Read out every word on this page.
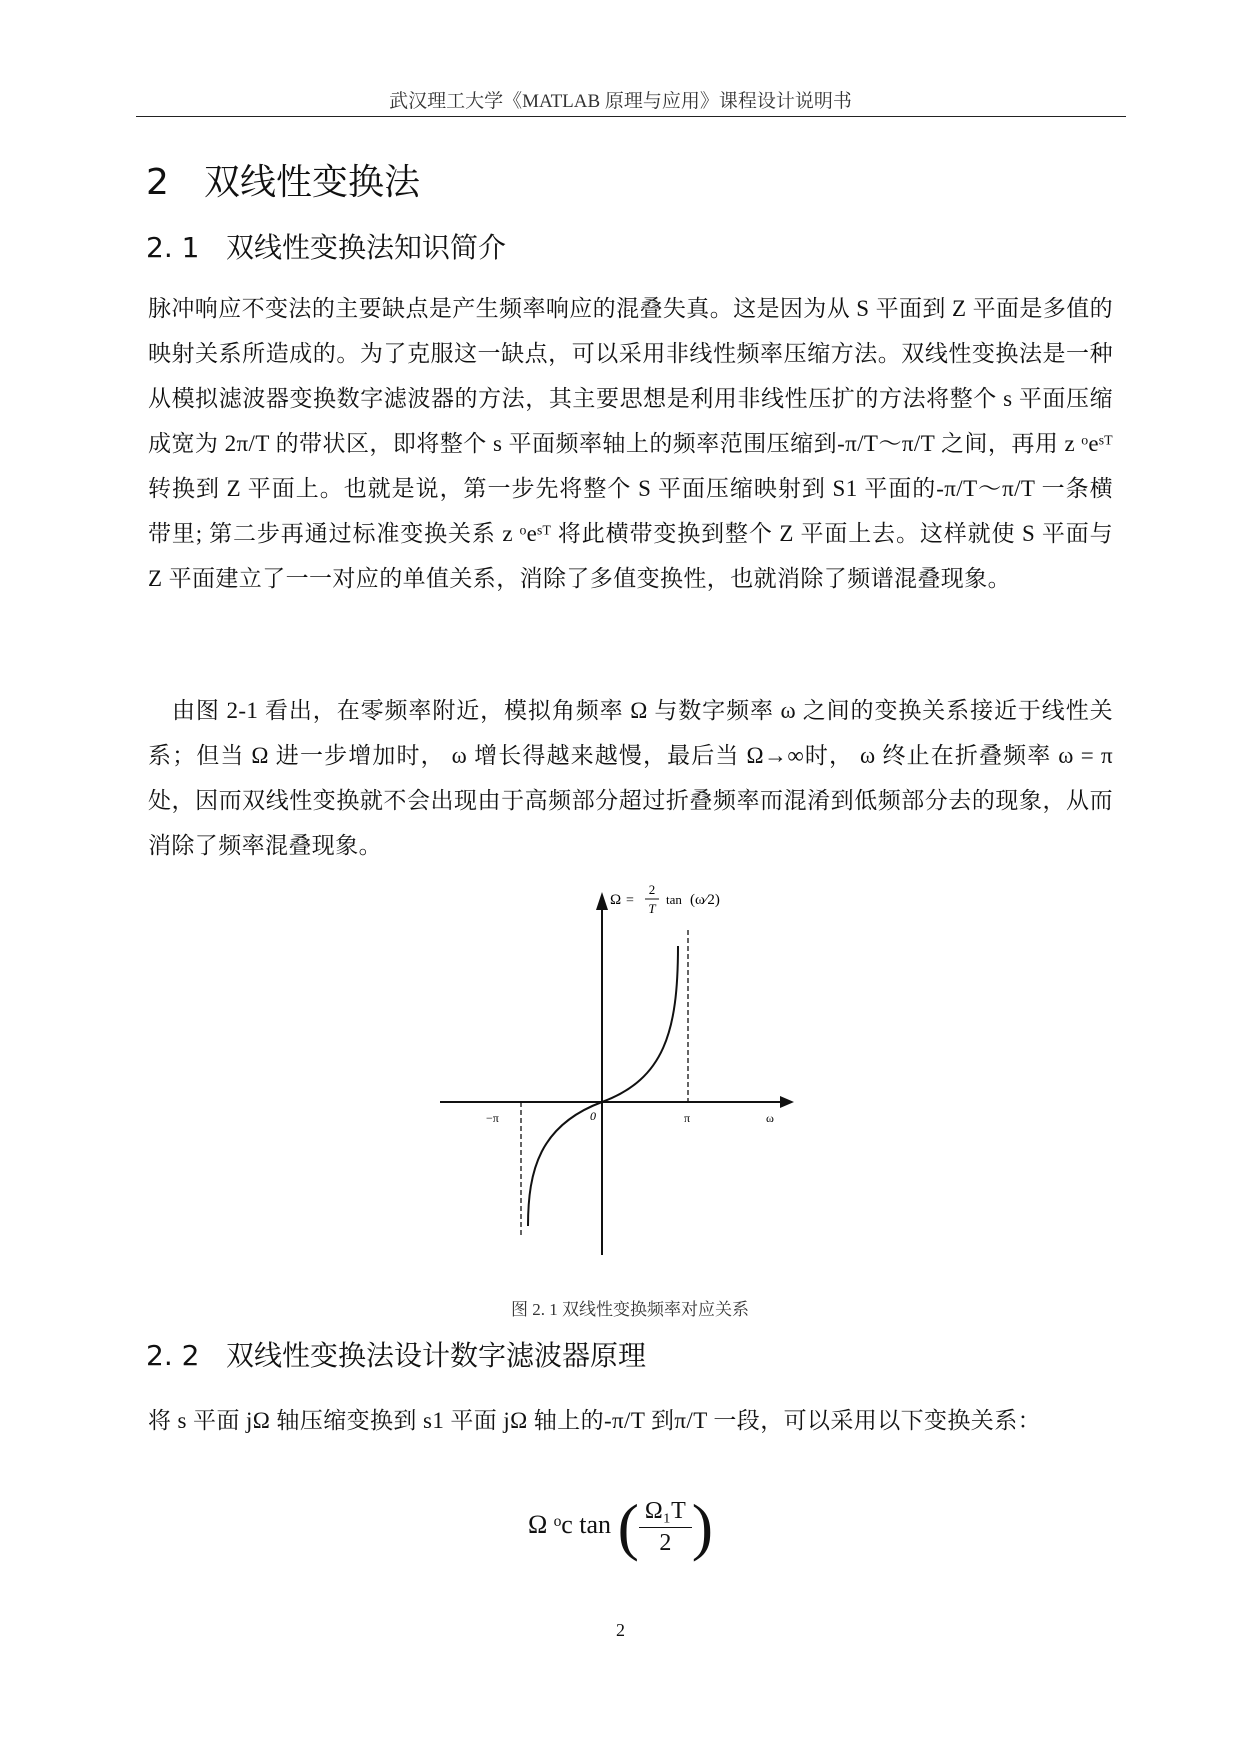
武汉理工大学《MATLAB 原理与应用》课程设计说明书
2 双线性变换法
2. 1 双线性变换法知识简介
脉冲响应不变法的主要缺点是产生频率响应的混叠失真。这是因为从 S 平面到 Z 平面是多值的映射关系所造成的。为了克服这一缺点，可以采用非线性频率压缩方法。双线性变换法是一种从模拟滤波器变换数字滤波器的方法，其主要思想是利用非线性压扩的方法将整个 s 平面压缩成宽为 2π/T 的带状区，即将整个 s 平面频率轴上的频率范围压缩到-π/T～π/T 之间，再用 z ᵒeˢᵀ 转换到 Z 平面上。也就是说，第一步先将整个 S 平面压缩映射到 S1 平面的-π/T～π/T 一条横带里; 第二步再通过标准变换关系 z ᵒeˢᵀ 将此横带变换到整个 Z 平面上去。这样就使 S 平面与 Z 平面建立了一一对应的单值关系，消除了多值变换性，也就消除了频谱混叠现象。
由图 2-1 看出，在零频率附近，模拟角频率 Ω 与数字频率 ω 之间的变换关系接近于线性关系；但当 Ω 进一步增加时， ω 增长得越来越慢，最后当 Ω→∞时， ω 终止在折叠频率 ω = π 处，因而双线性变换就不会出现由于高频部分超过折叠频率而混淆到低频部分去的现象，从而消除了频率混叠现象。
Ω =
2
T
tan (ω⁄2)
−π	0	π	ω
图 2. 1 双线性变换频率对应关系
2. 2 双线性变换法设计数字滤波器原理
将 s 平面 jΩ 轴压缩变换到 s1 平面 jΩ 轴上的-π/T 到π/T 一段，可以采用以下变换关系：
Ω ᵒc tan ( $\frac{\text{Ω₁T}}{2}$ )
2
